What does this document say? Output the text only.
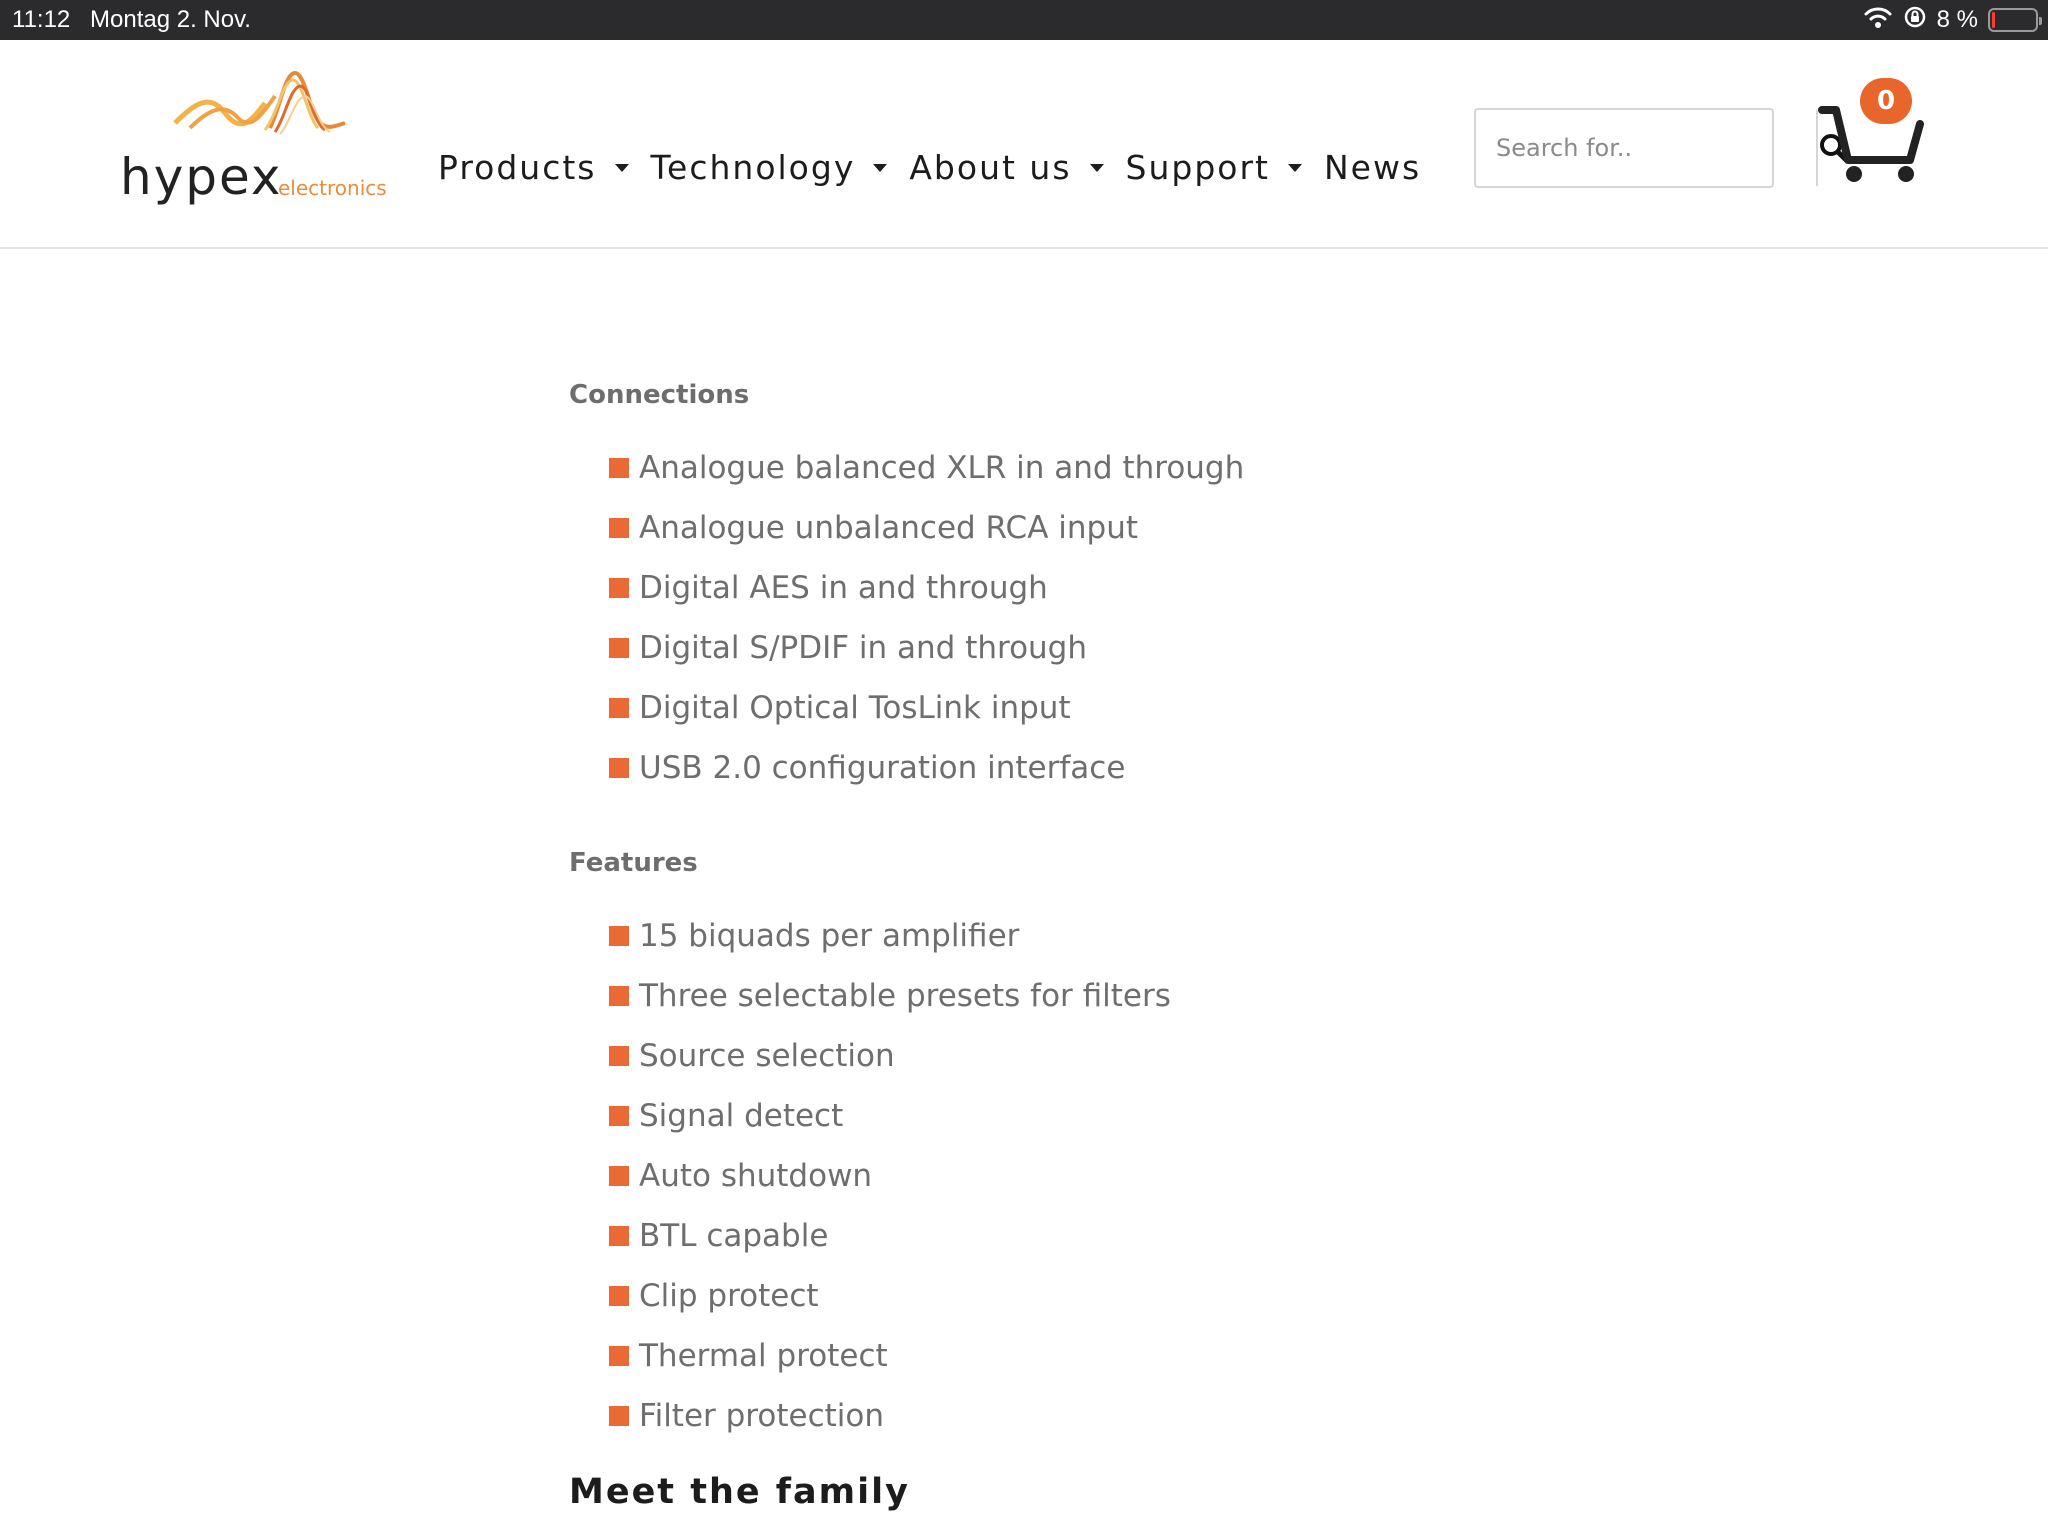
11:12 Montag 2. Nov.	8 %
hypex
electronics
Products Technology About us Support News
Search for..
0
Connections
Analogue balanced XLR in and through
Analogue unbalanced RCA input
Digital AES in and through
Digital S/PDIF in and through
Digital Optical TosLink input
USB 2.0 configuration interface
Features
15 biquads per amplifier
Three selectable presets for filters
Source selection
Signal detect
Auto shutdown
BTL capable
Clip protect
Thermal protect
Filter protection
Meet the family
